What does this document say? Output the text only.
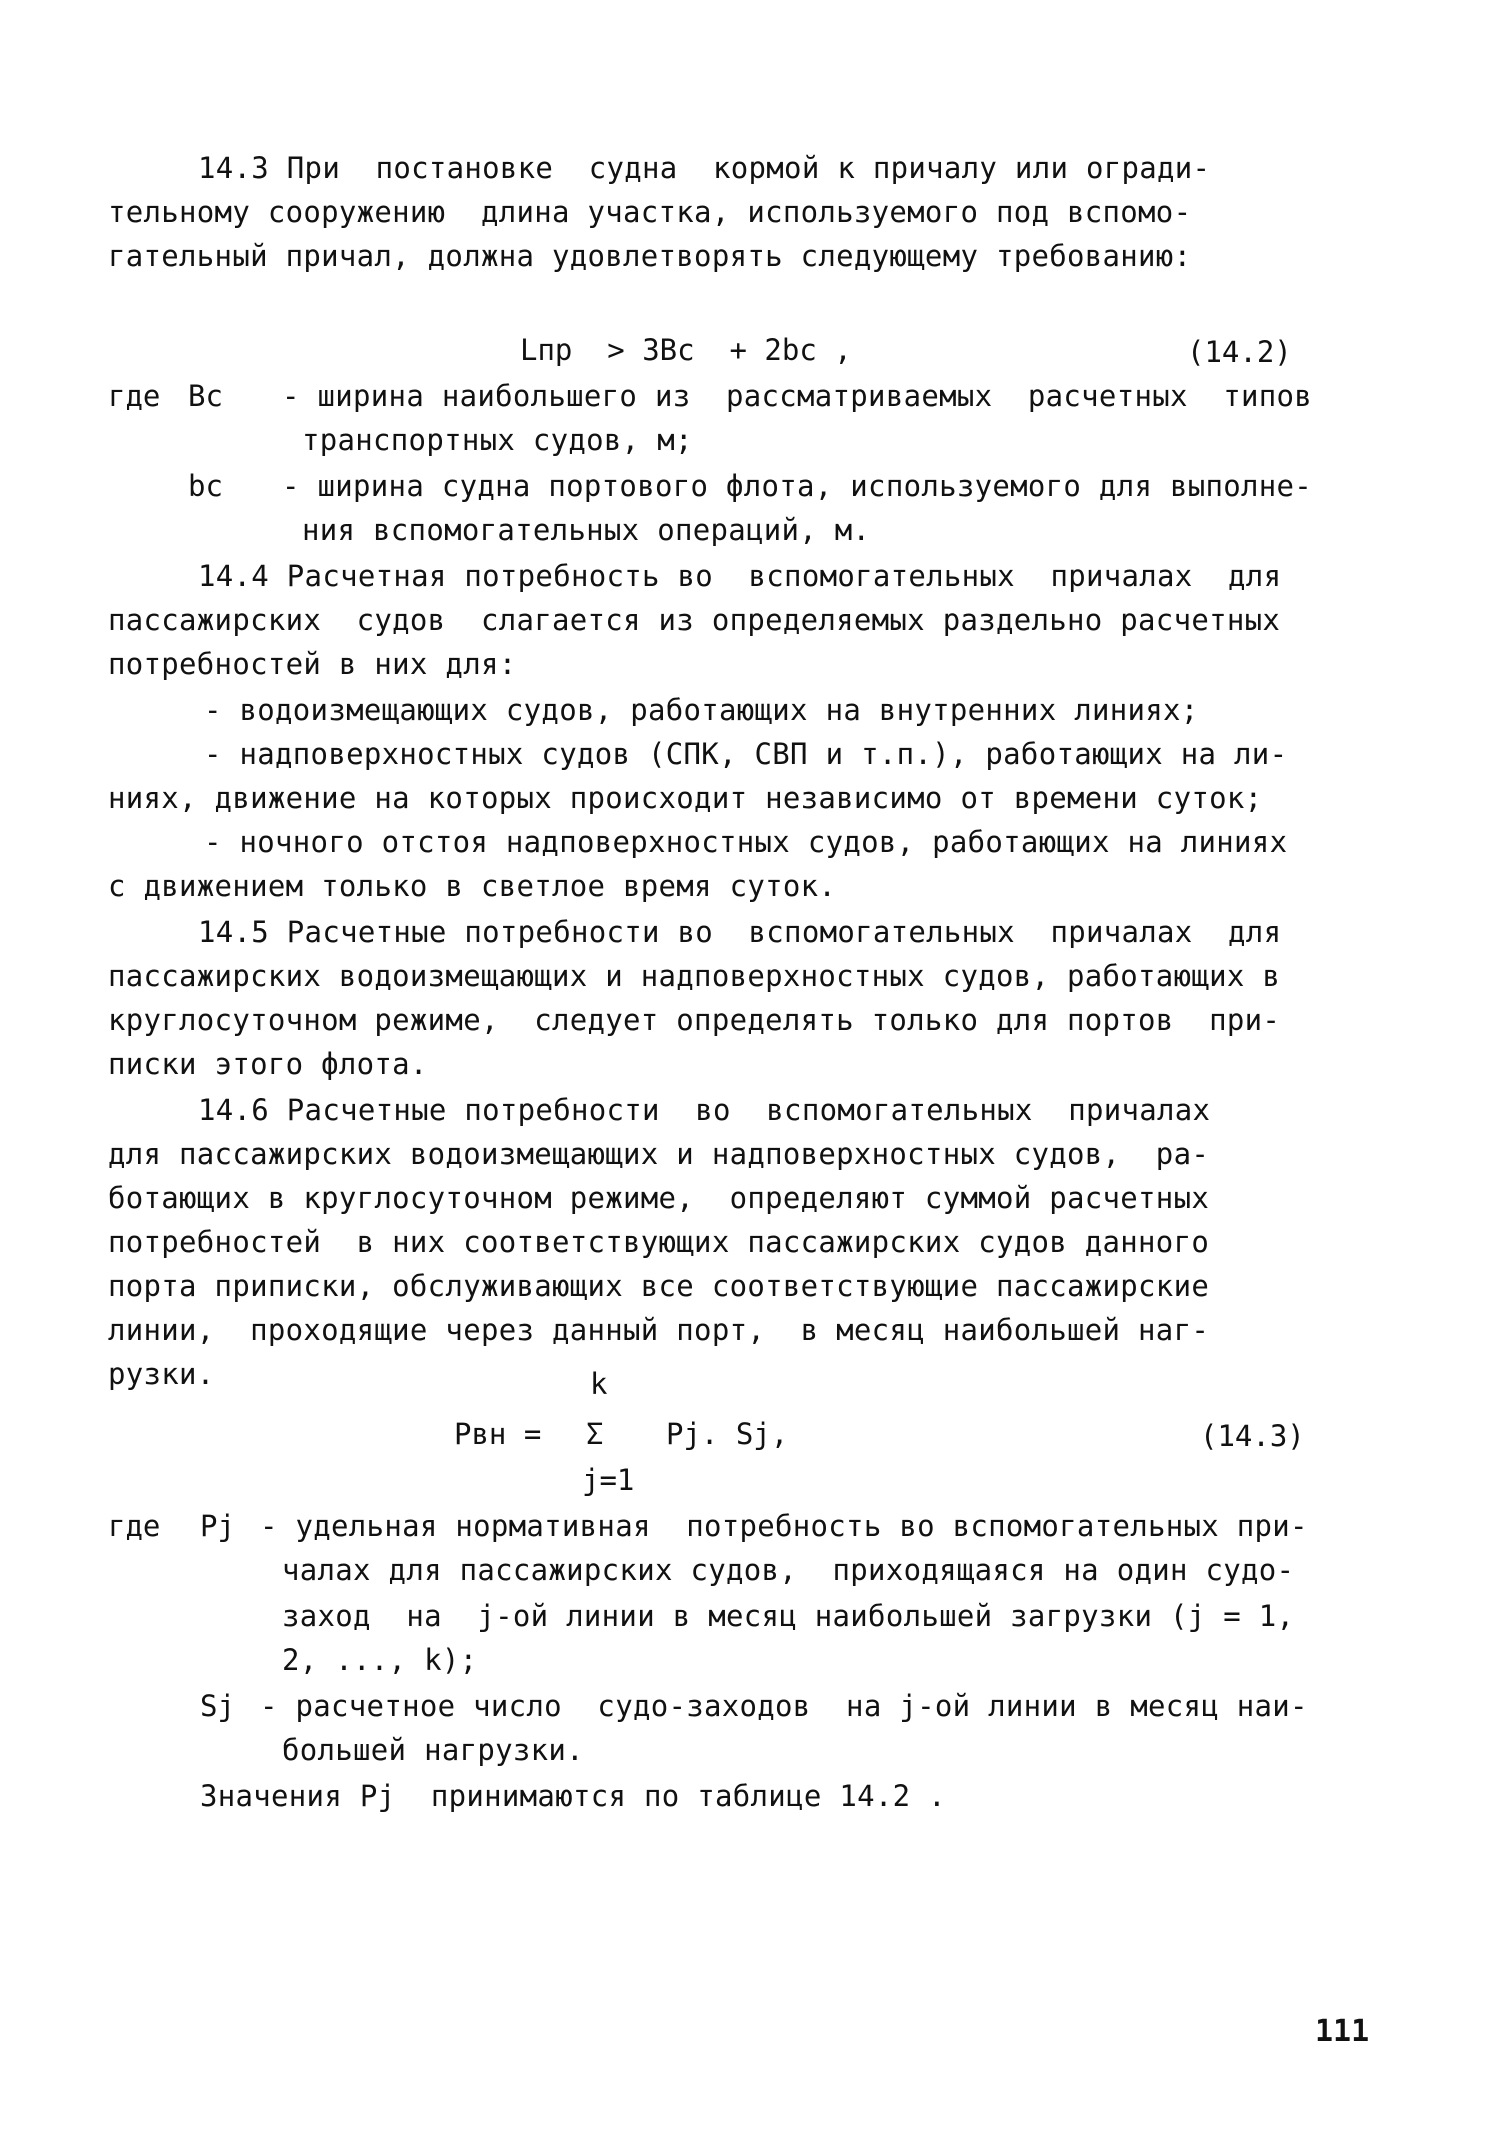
14.3 При  постановке  судна  кормой к причалу или огради-
тельному сооружению  длина участка, используемого под вспомо-
гательный причал, должна удовлетворять следующему требованию:
Lпр  > 3Вс  + 2bс ,	(14.2)
где Вс - ширина наибольшего из  рассматриваемых  расчетных  типов
транспортных судов, м;
bс - ширина судна портового флота, используемого для выполне-
ния вспомогательных операций, м.
14.4 Расчетная потребность во  вспомогательных  причалах  для
пассажирских  судов  слагается из определяемых раздельно расчетных
потребностей в них для:
- водоизмещающих судов, работающих на внутренних линиях;
- надповерхностных судов (СПК, СВП и т.п.), работающих на ли-
ниях, движение на которых происходит независимо от времени суток;
- ночного отстоя надповерхностных судов, работающих на линиях
с движением только в светлое время суток.
14.5 Расчетные потребности во  вспомогательных  причалах  для
пассажирских водоизмещающих и надповерхностных судов, работающих в
круглосуточном режиме,  следует определять только для портов  при-
писки этого флота.
14.6 Расчетные потребности  во  вспомогательных  причалах
для пассажирских водоизмещающих и надповерхностных судов,  ра-
ботающих в круглосуточном режиме,  определяют суммой расчетных
потребностей  в них соответствующих пассажирских судов данного
порта приписки, обслуживающих все соответствующие пассажирские
линии,  проходящие через данный порт,  в месяц наибольшей наг-
рузки.	k
Pвн = Σ Pj. Sj,	(14.3)
j=1
где Pj - удельная нормативная  потребность во вспомогательных при-
чалах для пассажирских судов,  приходящаяся на один судо-
заход  на  j-ой линии в месяц наибольшей загрузки (j = 1,
2, ..., k);
Sj - расчетное число  судо-заходов  на j-ой линии в месяц наи-
большей нагрузки.
Значения Pj  принимаются по таблице 14.2 .
111
